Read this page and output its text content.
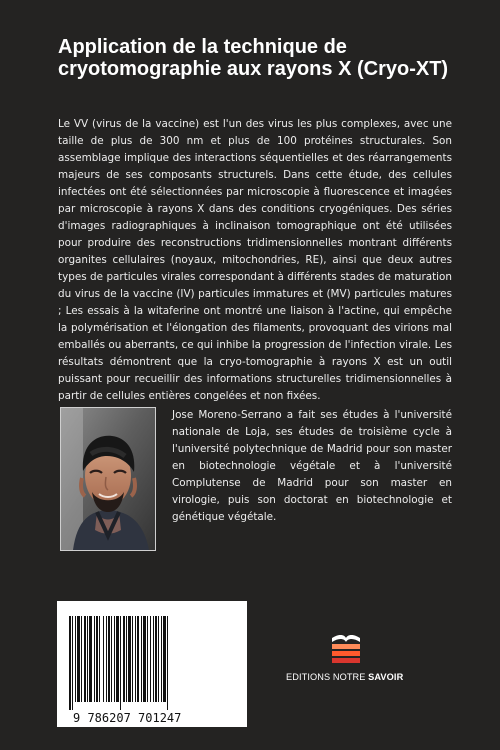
Application de la technique de cryotomographie aux rayons X (Cryo-XT)

Le VV (virus de la vaccine) est l'un des virus les plus complexes, avec une taille de plus de 300 nm et plus de 100 protéines structurales. Son assemblage implique des interactions séquentielles et des réarrangements majeurs de ses composants structurels. Dans cette étude, des cellules infectées ont été sélectionnées par microscopie à fluorescence et imagées par microscopie à rayons X dans des conditions cryogéniques. Des séries d'images radiographiques à inclinaison tomographique ont été utilisées pour produire des reconstructions tridimensionnelles montrant différents organites cellulaires (noyaux, mitochondries, RE), ainsi que deux autres types de particules virales correspondant à différents stades de maturation du virus de la vaccine (IV) particules immatures et (MV) particules matures ; Les essais à la witaferine ont montré une liaison à l'actine, qui empêche la polymérisation et l'élongation des filaments, provoquant des virions mal emballés ou aberrants, ce qui inhibe la progression de l'infection virale. Les résultats démontrent que la cryo-tomographie à rayons X est un outil puissant pour recueillir des informations structurelles tridimensionnelles à partir de cellules entières congelées et non fixées.

Jose Moreno-Serrano a fait ses études à l'université nationale de Loja, ses études de troisième cycle à l'université polytechnique de Madrid pour son master en biotechnologie végétale et à l'université Complutense de Madrid pour son master en virologie, puis son doctorat en biotechnologie et génétique végétale.

9 786207 701247
EDITIONS NOTRE SAVOIR
